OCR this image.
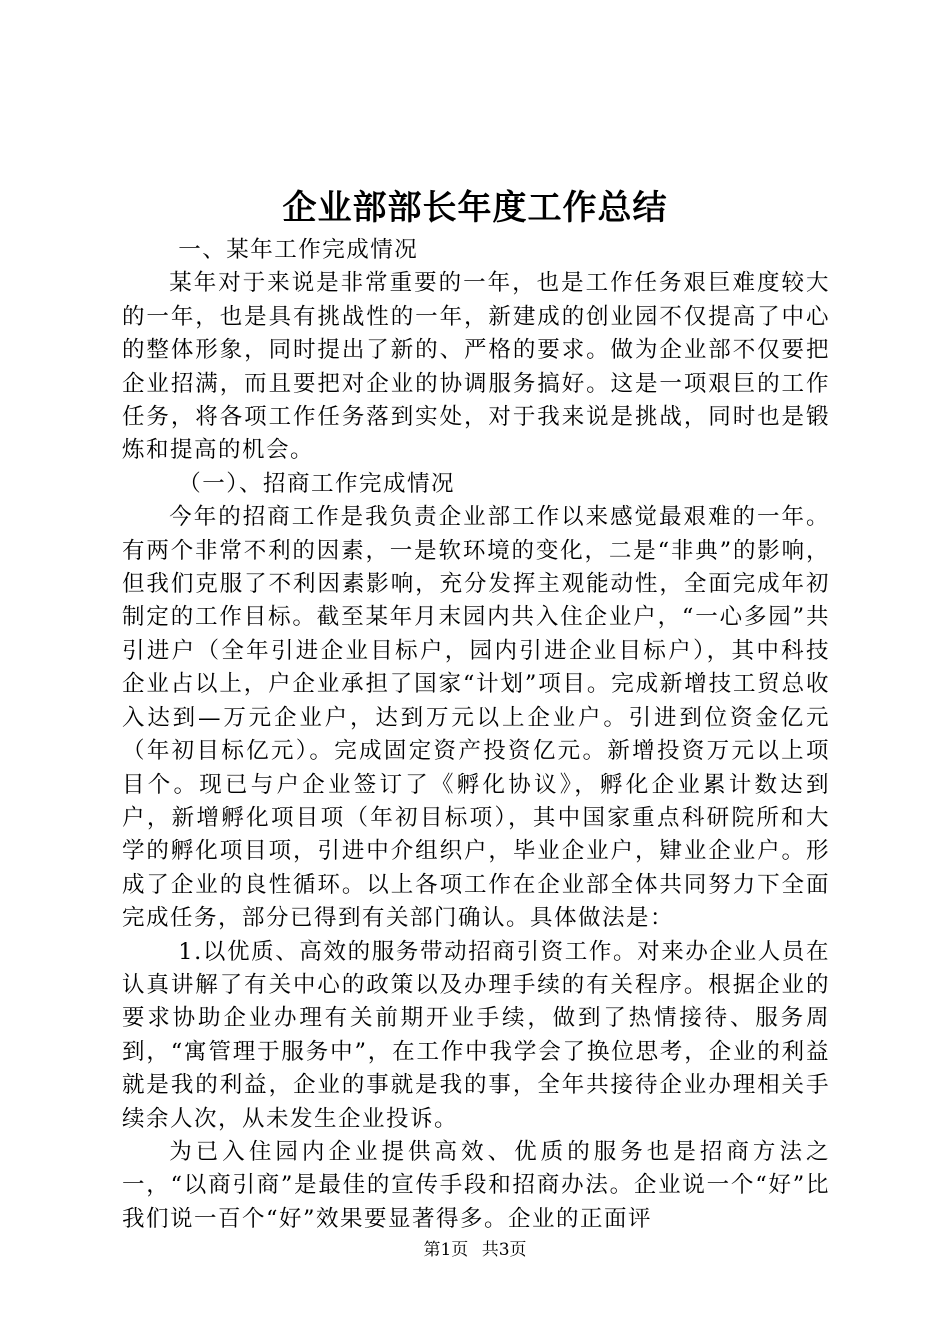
企业部部长年度工作总结

一、某年工作完成情况

某年对于来说是非常重要的一年，也是工作任务艰巨难度较大的一年，也是具有挑战性的一年，新建成的创业园不仅提高了中心的整体形象，同时提出了新的、严格的要求。做为企业部不仅要把企业招满，而且要把对企业的协调服务搞好。这是一项艰巨的工作任务，将各项工作任务落到实处，对于我来说是挑战，同时也是锻炼和提高的机会。

（一）、招商工作完成情况

今年的招商工作是我负责企业部工作以来感觉最艰难的一年。有两个非常不利的因素，一是软环境的变化，二是“非典”的影响，但我们克服了不利因素影响，充分发挥主观能动性，全面完成年初制定的工作目标。截至某年月末园内共入住企业户，“一心多园”共引进户（全年引进企业目标户，园内引进企业目标户），其中科技企业占以上，户企业承担了国家“计划”项目。完成新增技工贸总收入达到—万元企业户，达到万元以上企业户。引进到位资金亿元（年初目标亿元）。完成固定资产投资亿元。新增投资万元以上项目个。现已与户企业签订了《孵化协议》，孵化企业累计数达到户，新增孵化项目项（年初目标项），其中国家重点科研院所和大学的孵化项目项，引进中介组织户，毕业企业户，肄业企业户。形成了企业的良性循环。以上各项工作在企业部全体共同努力下全面完成任务，部分已得到有关部门确认。具体做法是：

1.以优质、高效的服务带动招商引资工作。对来办企业人员在认真讲解了有关中心的政策以及办理手续的有关程序。根据企业的要求协助企业办理有关前期开业手续，做到了热情接待、服务周到，“寓管理于服务中”，在工作中我学会了换位思考，企业的利益就是我的利益，企业的事就是我的事，全年共接待企业办理相关手续余人次，从未发生企业投诉。

为已入住园内企业提供高效、优质的服务也是招商方法之一，“以商引商”是最佳的宣传手段和招商办法。企业说一个“好”比我们说一百个“好”效果要显著得多。企业的正面评

第1页 共3页
